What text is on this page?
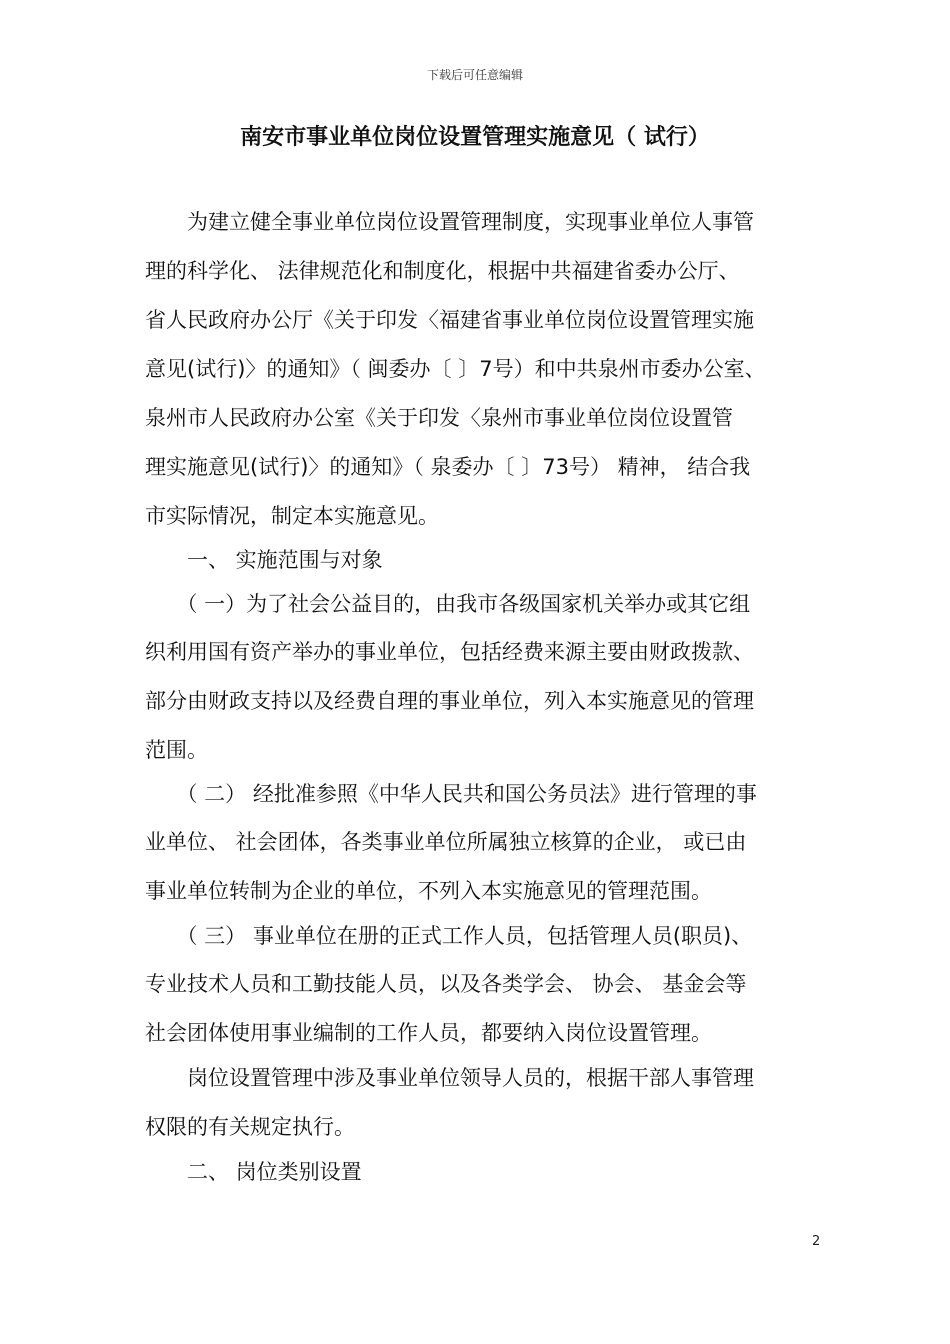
下载后可任意编辑
南安市事业单位岗位设置管理实施意见（ 试行）
　　为建立健全事业单位岗位设置管理制度，实现事业单位人事管
理的科学化、 法律规范化和制度化，根据中共福建省委办公厅、
省人民政府办公厅《关于印发〈福建省事业单位岗位设置管理实施
意见(试行)〉的通知》（ 闽委办〔 〕7号）和中共泉州市委办公室、
泉州市人民政府办公室《关于印发〈泉州市事业单位岗位设置管
理实施意见(试行)〉的通知》（ 泉委办〔 〕73号） 精神， 结合我
市实际情况，制定本实施意见。
　　一、 实施范围与对象
　　（ 一）为了社会公益目的，由我市各级国家机关举办或其它组
织利用国有资产举办的事业单位，包括经费来源主要由财政拨款、
部分由财政支持以及经费自理的事业单位，列入本实施意见的管理
范围。
　　（ 二） 经批准参照《中华人民共和国公务员法》进行管理的事
业单位、 社会团体，各类事业单位所属独立核算的企业， 或已由
事业单位转制为企业的单位，不列入本实施意见的管理范围。
　　（ 三） 事业单位在册的正式工作人员，包括管理人员(职员)、
专业技术人员和工勤技能人员，以及各类学会、 协会、 基金会等
社会团体使用事业编制的工作人员，都要纳入岗位设置管理。
　　岗位设置管理中涉及事业单位领导人员的，根据干部人事管理
权限的有关规定执行。
　　二、 岗位类别设置
2
